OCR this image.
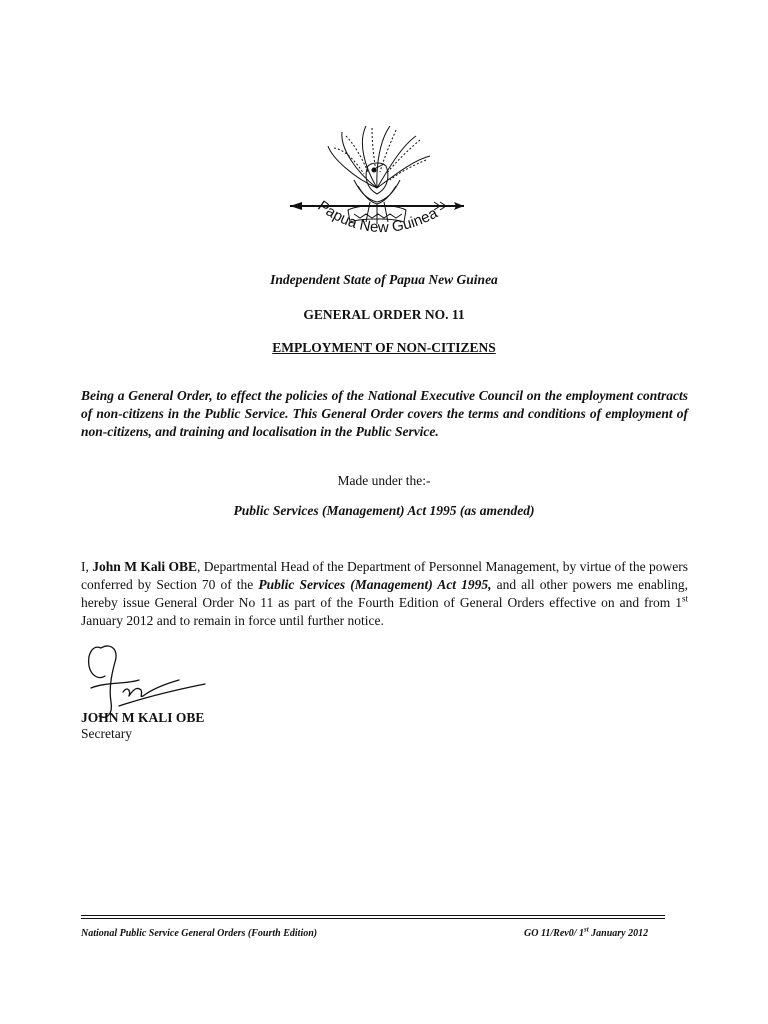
Papua New Guinea
Independent State of Papua New Guinea
GENERAL ORDER NO. 11
EMPLOYMENT OF NON-CITIZENS
Being a General Order, to effect the policies of the National Executive Council on the employment contracts of non-citizens in the Public Service. This General Order covers the terms and conditions of employment of non-citizens, and training and localisation in the Public Service.
Made under the:-
Public Services (Management) Act 1995 (as amended)
I, John M Kali OBE, Departmental Head of the Department of Personnel Management, by virtue of the powers conferred by Section 70 of the Public Services (Management) Act 1995, and all other powers me enabling, hereby issue General Order No 11 as part of the Fourth Edition of General Orders effective on and from 1st January 2012 and to remain in force until further notice.
JOHN M KALI OBE
Secretary
National Public Service General Orders (Fourth Edition)	GO 11/Rev0/ 1st January 2012
